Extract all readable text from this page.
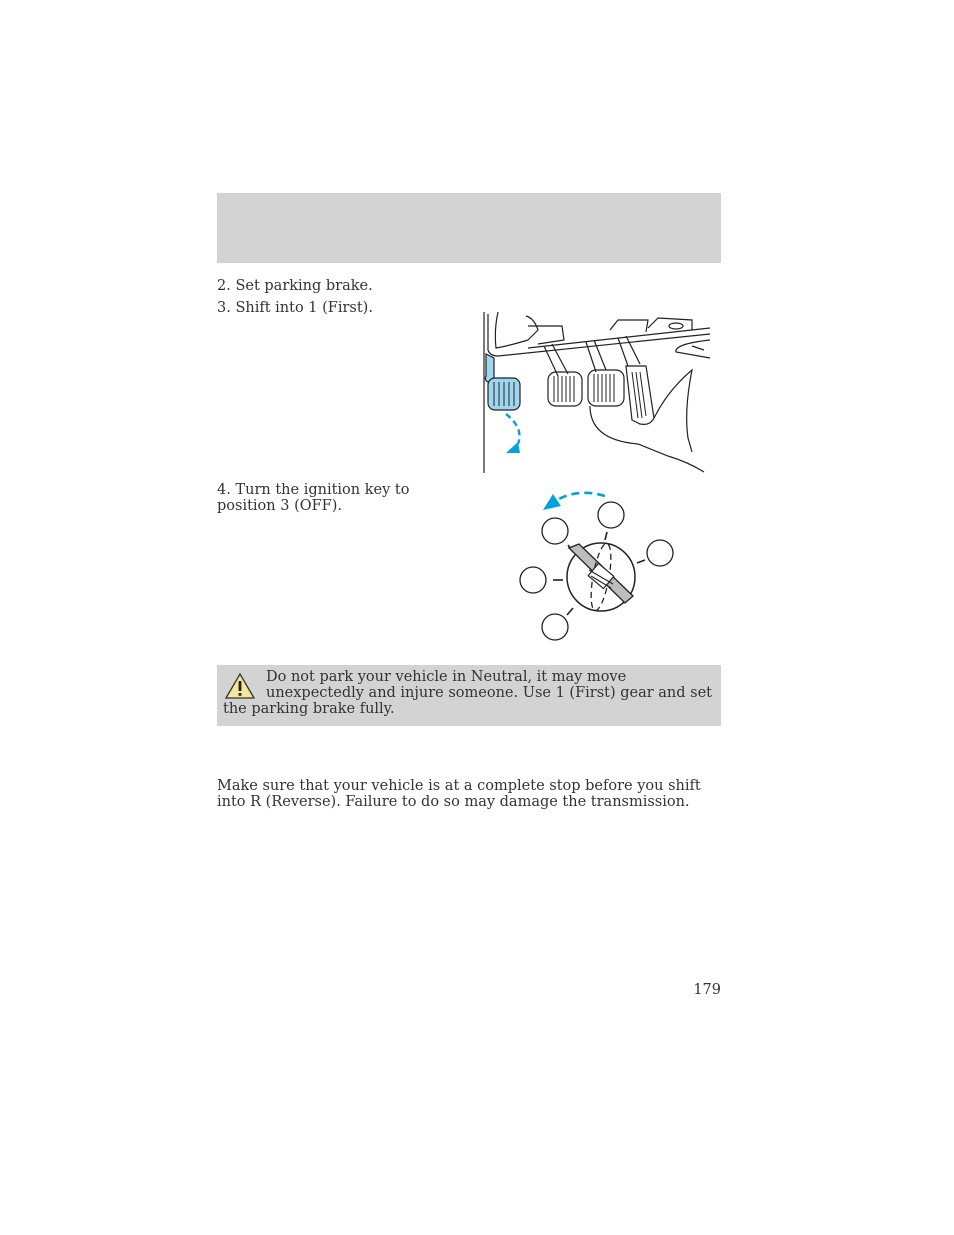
2. Set parking brake.
3. Shift into 1 (First).
4. Turn the ignition key to position 3 (OFF).
Do not park your vehicle in Neutral, it may move unexpectedly and injure someone. Use 1 (First) gear and set the parking brake fully.
Make sure that your vehicle is at a complete stop before you shift into R (Reverse). Failure to do so may damage the transmission.
179
